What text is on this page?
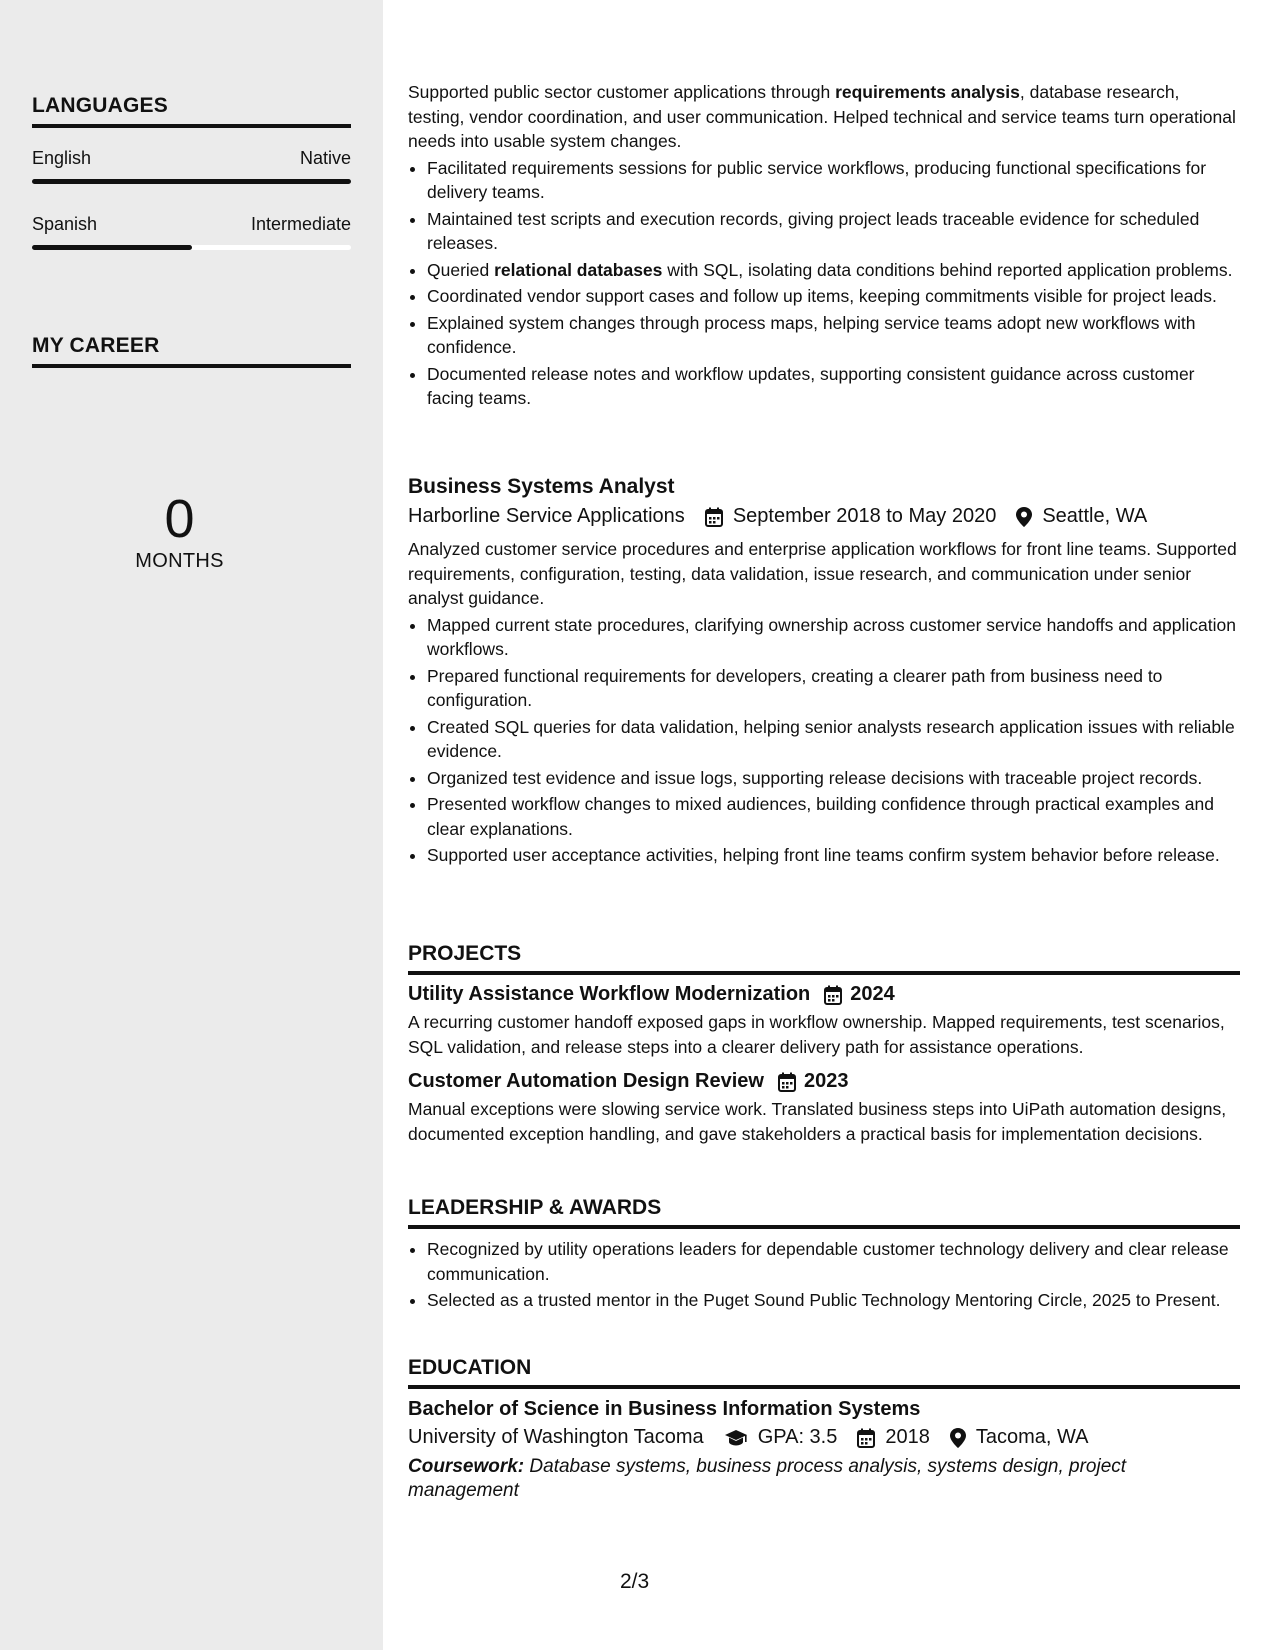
LANGUAGES
English	Native
Spanish	Intermediate
MY CAREER
0
MONTHS

Supported public sector customer applications through requirements analysis, database research, testing, vendor coordination, and user communication. Helped technical and service teams turn operational needs into usable system changes.

• Facilitated requirements sessions for public service workflows, producing functional specifications for delivery teams.
• Maintained test scripts and execution records, giving project leads traceable evidence for scheduled releases.
• Queried relational databases with SQL, isolating data conditions behind reported application problems.
• Coordinated vendor support cases and follow up items, keeping commitments visible for project leads.
• Explained system changes through process maps, helping service teams adopt new workflows with confidence.
• Documented release notes and workflow updates, supporting consistent guidance across customer facing teams.
Business Systems Analyst
Harborline Service Applications September 2018 to May 2020 Seattle, WA

Analyzed customer service procedures and enterprise application workflows for front line teams. Supported requirements, configuration, testing, data validation, issue research, and communication under senior analyst guidance.

• Mapped current state procedures, clarifying ownership across customer service handoffs and application workflows.
• Prepared functional requirements for developers, creating a clearer path from business need to configuration.
• Created SQL queries for data validation, helping senior analysts research application issues with reliable evidence.
• Organized test evidence and issue logs, supporting release decisions with traceable project records.
• Presented workflow changes to mixed audiences, building confidence through practical examples and clear explanations.
• Supported user acceptance activities, helping front line teams confirm system behavior before release.
PROJECTS
Utility Assistance Workflow Modernization 2024

A recurring customer handoff exposed gaps in workflow ownership. Mapped requirements, test scenarios, SQL validation, and release steps into a clearer delivery path for assistance operations.

Customer Automation Design Review 2023

Manual exceptions were slowing service work. Translated business steps into UiPath automation designs, documented exception handling, and gave stakeholders a practical basis for implementation decisions.

LEADERSHIP & AWARDS
• Recognized by utility operations leaders for dependable customer technology delivery and clear release communication.
• Selected as a trusted mentor in the Puget Sound Public Technology Mentoring Circle, 2025 to Present.
EDUCATION
Bachelor of Science in Business Information Systems
University of Washington Tacoma	GPA: 3.5 2018 Tacoma, WA

Coursework: Database systems, business process analysis, systems design, project management

2/3
